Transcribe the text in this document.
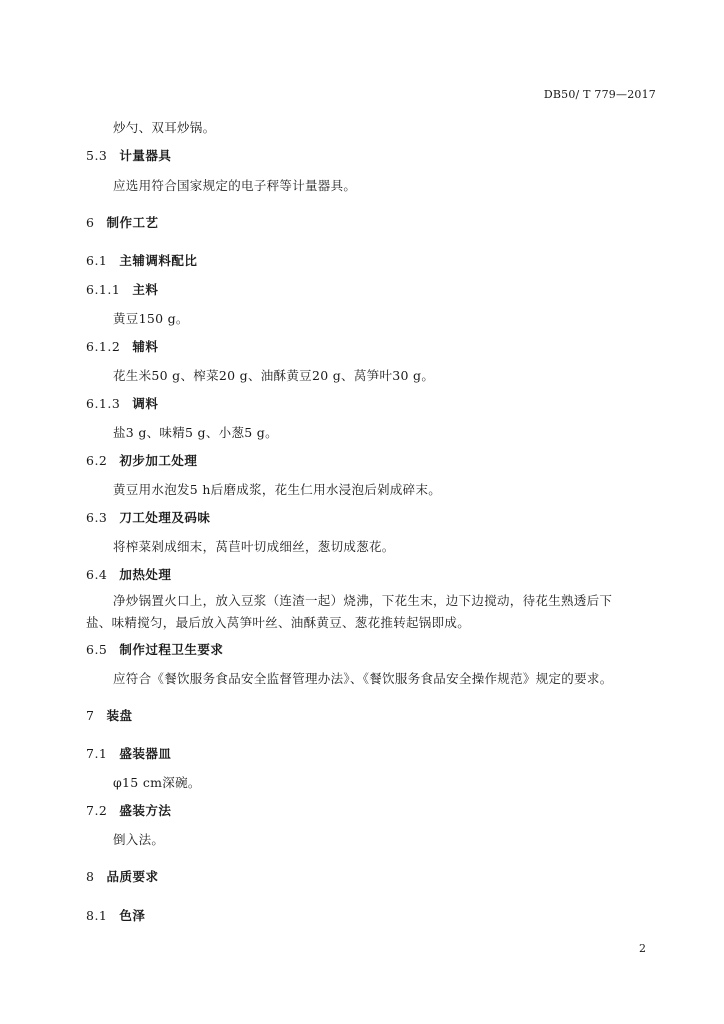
DB50/ T 779—2017
炒勺、双耳炒锅。
5.3 计量器具
应选用符合国家规定的电子秤等计量器具。
6 制作工艺
6.1 主辅调料配比
6.1.1 主料
黄豆150 g。
6.1.2 辅料
花生米50 g、榨菜20 g、油酥黄豆20 g、莴笋叶30 g。
6.1.3 调料
盐3 g、味精5 g、小葱5 g。
6.2 初步加工处理
黄豆用水泡发5 h后磨成浆，花生仁用水浸泡后剁成碎末。
6.3 刀工处理及码味
将榨菜剁成细末，莴苣叶切成细丝，葱切成葱花。
6.4 加热处理
净炒锅置火口上，放入豆浆（连渣一起）烧沸，下花生末，边下边搅动，待花生熟透后下盐、味精搅匀，最后放入莴笋叶丝、油酥黄豆、葱花推转起锅即成。
6.5 制作过程卫生要求
应符合《餐饮服务食品安全监督管理办法》、《餐饮服务食品安全操作规范》规定的要求。
7 装盘
7.1 盛装器皿
φ15 cm深碗。
7.2 盛装方法
倒入法。
8 品质要求
8.1 色泽
2
